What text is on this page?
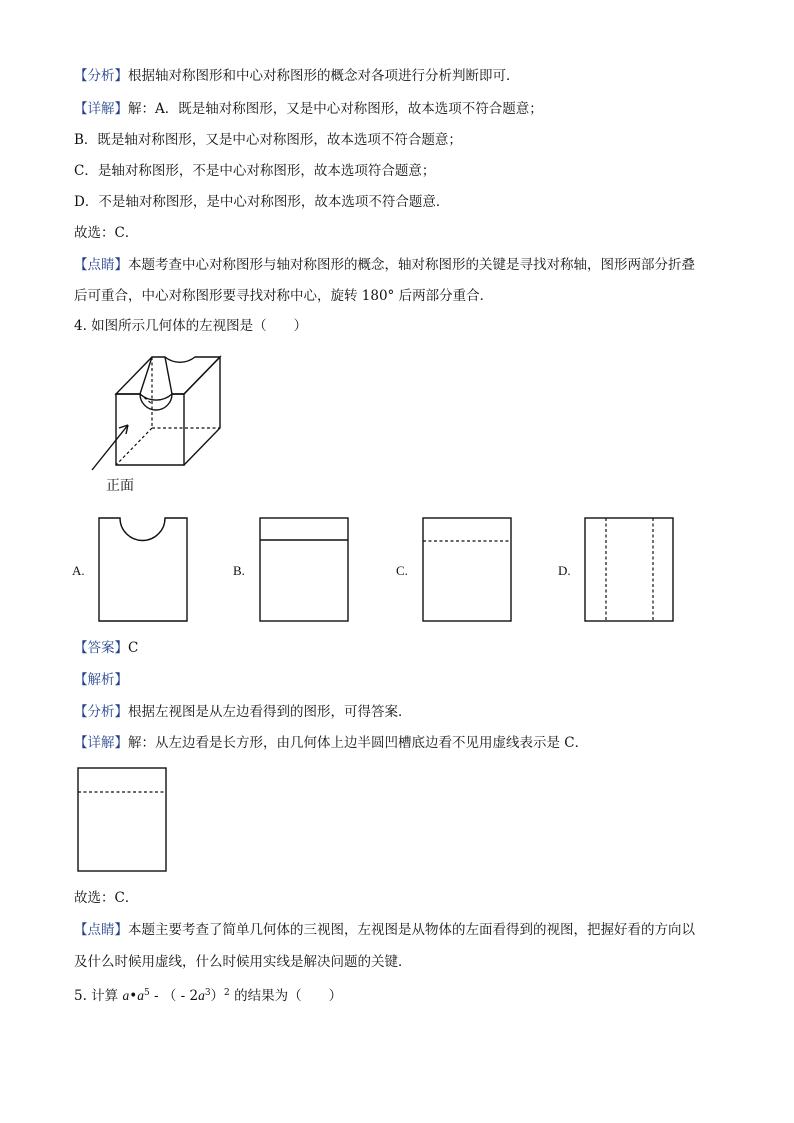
【分析】根据轴对称图形和中心对称图形的概念对各项进行分析判断即可．
【详解】解：A．既是轴对称图形，又是中心对称图形，故本选项不符合题意；
B．既是轴对称图形，又是中心对称图形，故本选项不符合题意；
C．是轴对称图形，不是中心对称图形，故本选项符合题意；
D．不是轴对称图形，是中心对称图形，故本选项不符合题意．
故选：C．
【点睛】本题考查中心对称图形与轴对称图形的概念，轴对称图形的关键是寻找对称轴，图形两部分折叠
后可重合，中心对称图形要寻找对称中心，旋转 180° 后两部分重合．
4. 如图所示几何体的左视图是（　　）
正面
A.	B.	C.	D.
【答案】C
【解析】
【分析】根据左视图是从左边看得到的图形，可得答案．
【详解】解：从左边看是长方形，由几何体上边半圆凹槽底边看不见用虚线表示是 C．
故选：C．
【点睛】本题主要考查了简单几何体的三视图，左视图是从物体的左面看得到的视图，把握好看的方向以
及什么时候用虚线，什么时候用实线是解决问题的关键．
5. 计算 $a•a^5$ - （ - $2a^3)^2$ 的结果为（　　）
